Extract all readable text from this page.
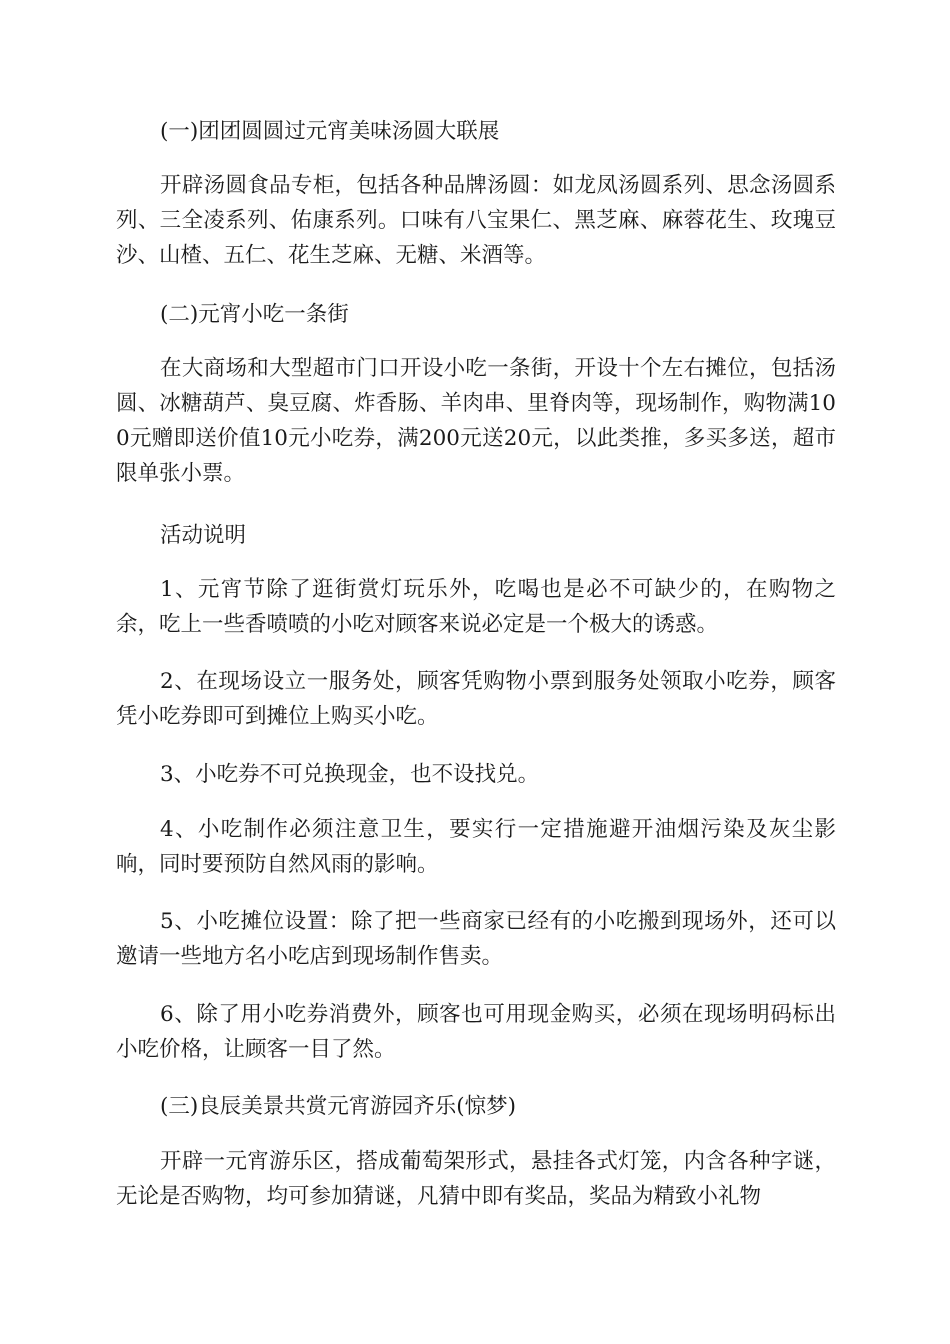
(一)团团圆圆过元宵美味汤圆大联展

开辟汤圆食品专柜，包括各种品牌汤圆：如龙凤汤圆系列、思念汤圆系列、三全凌系列、佑康系列。口味有八宝果仁、黑芝麻、麻蓉花生、玫瑰豆沙、山楂、五仁、花生芝麻、无糖、米酒等。

(二)元宵小吃一条街

在大商场和大型超市门口开设小吃一条街，开设十个左右摊位，包括汤圆、冰糖葫芦、臭豆腐、炸香肠、羊肉串、里脊肉等，现场制作，购物满100元赠即送价值10元小吃券，满200元送20元，以此类推，多买多送，超市限单张小票。

活动说明

1、元宵节除了逛街赏灯玩乐外，吃喝也是必不可缺少的，在购物之余，吃上一些香喷喷的小吃对顾客来说必定是一个极大的诱惑。

2、在现场设立一服务处，顾客凭购物小票到服务处领取小吃券，顾客凭小吃券即可到摊位上购买小吃。

3、小吃券不可兑换现金，也不设找兑。

4、小吃制作必须注意卫生，要实行一定措施避开油烟污染及灰尘影响，同时要预防自然风雨的影响。

5、小吃摊位设置：除了把一些商家已经有的小吃搬到现场外，还可以邀请一些地方名小吃店到现场制作售卖。

6、除了用小吃券消费外，顾客也可用现金购买，必须在现场明码标出小吃价格，让顾客一目了然。

(三)良辰美景共赏元宵游园齐乐(惊梦)

开辟一元宵游乐区，搭成葡萄架形式，悬挂各式灯笼，内含各种字谜，无论是否购物，均可参加猜谜，凡猜中即有奖品，奖品为精致小礼物
